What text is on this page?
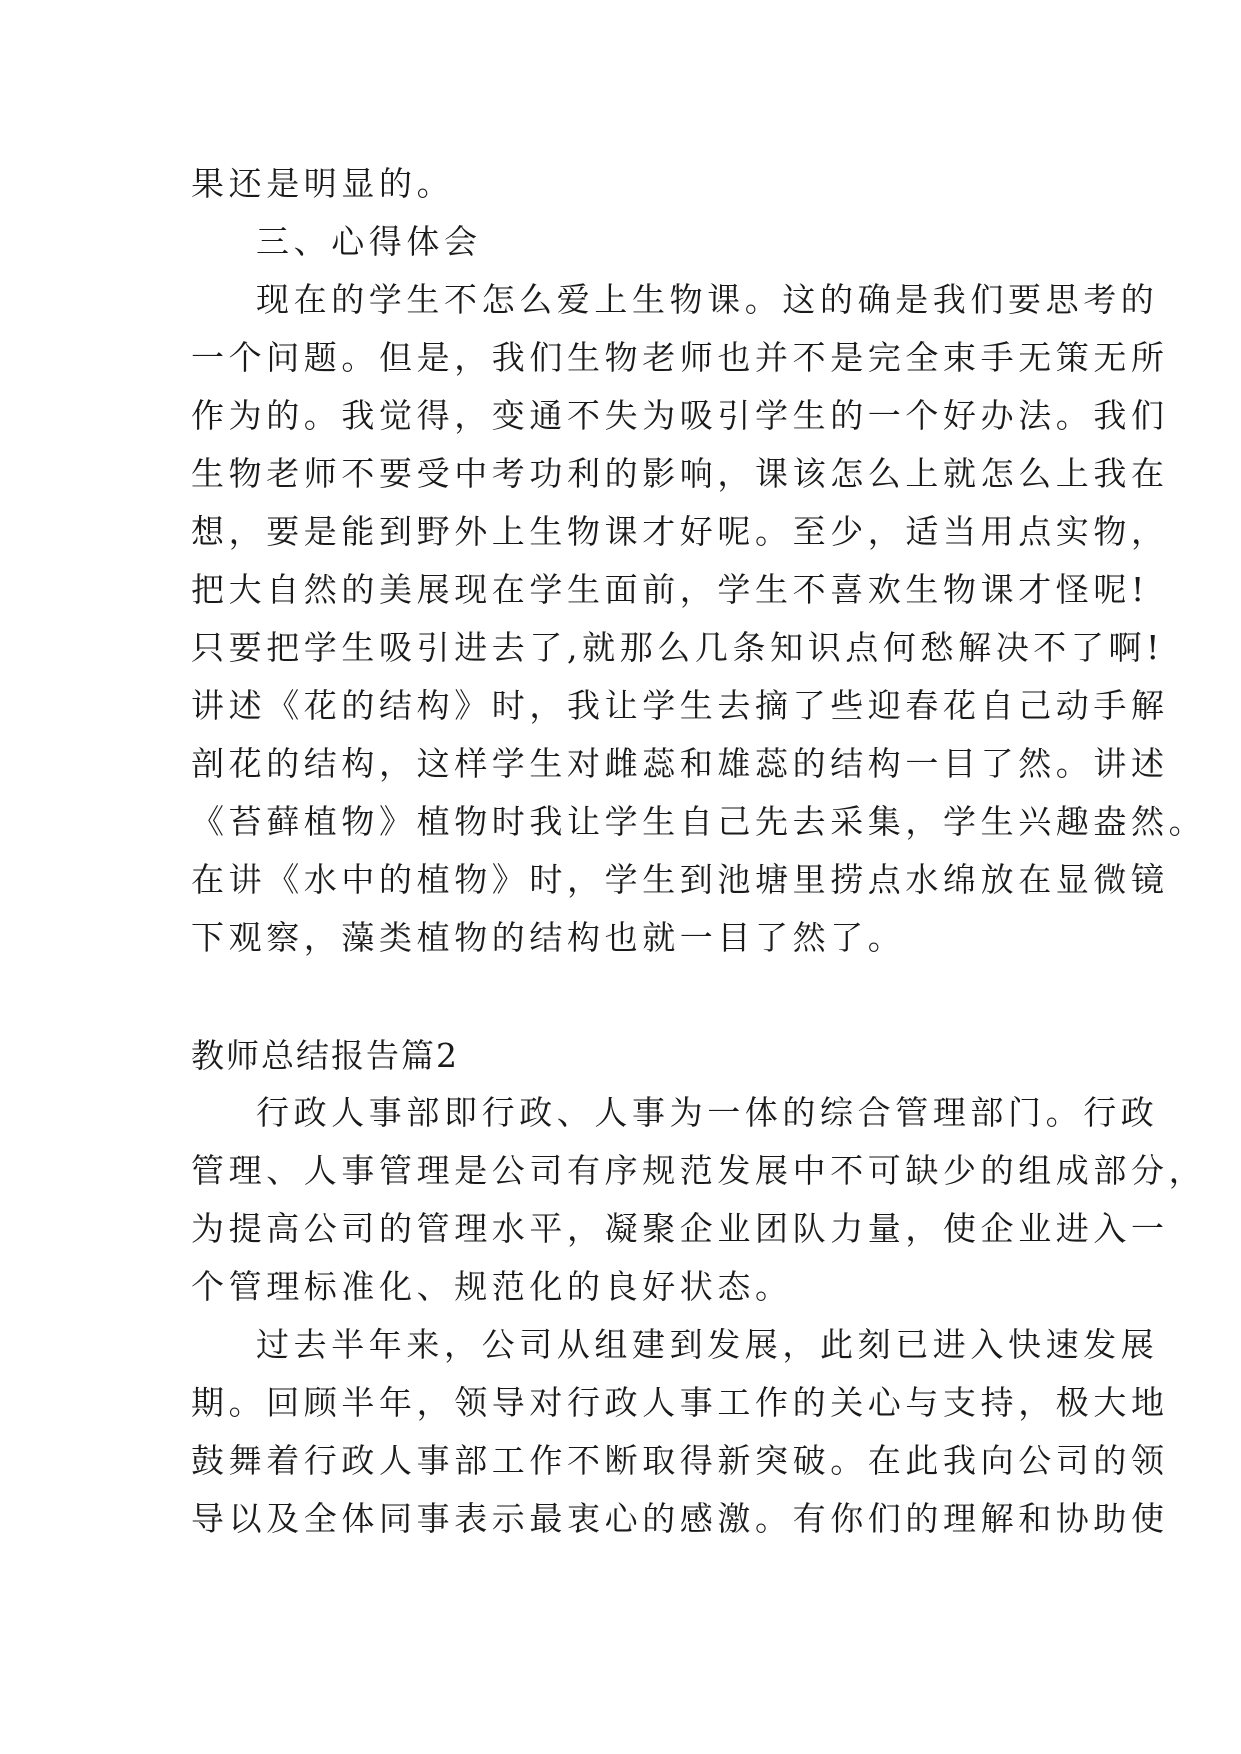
果还是明显的。
三、心得体会
现在的学生不怎么爱上生物课。这的确是我们要思考的
一个问题。但是，我们生物老师也并不是完全束手无策无所
作为的。我觉得，变通不失为吸引学生的一个好办法。我们
生物老师不要受中考功利的影响，课该怎么上就怎么上我在
想，要是能到野外上生物课才好呢。至少，适当用点实物，
把大自然的美展现在学生面前，学生不喜欢生物课才怪呢!
只要把学生吸引进去了,就那么几条知识点何愁解决不了啊!
讲述《花的结构》时，我让学生去摘了些迎春花自己动手解
剖花的结构，这样学生对雌蕊和雄蕊的结构一目了然。讲述
《苔藓植物》植物时我让学生自己先去采集，学生兴趣盎然。
在讲《水中的植物》时，学生到池塘里捞点水绵放在显微镜
下观察，藻类植物的结构也就一目了然了。
教师总结报告篇2
行政人事部即行政、人事为一体的综合管理部门。行政
管理、人事管理是公司有序规范发展中不可缺少的组成部分，
为提高公司的管理水平，凝聚企业团队力量，使企业进入一
个管理标准化、规范化的良好状态。
过去半年来，公司从组建到发展，此刻已进入快速发展
期。回顾半年，领导对行政人事工作的关心与支持，极大地
鼓舞着行政人事部工作不断取得新突破。在此我向公司的领
导以及全体同事表示最衷心的感激。有你们的理解和协助使
